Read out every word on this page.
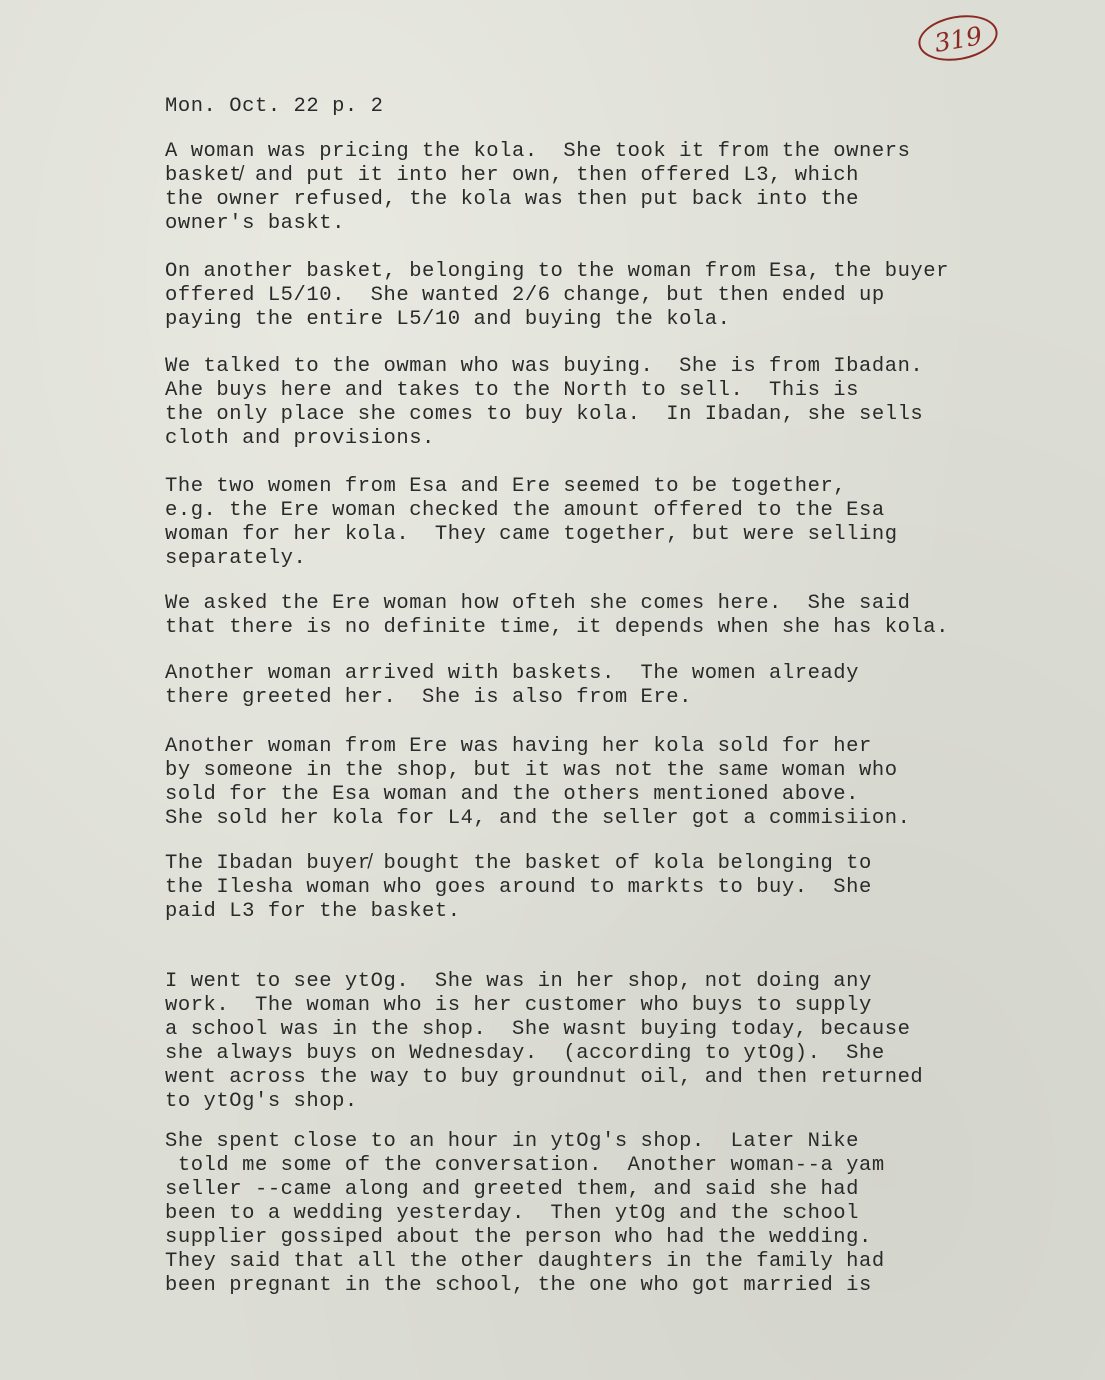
319
Mon. Oct. 22 p. 2
A woman was pricing the kola.  She took it from the owners
basket̸ and put it into her own, then offered L3, which
the owner refused, the kola was then put back into the
owner's baskt.
On another basket, belonging to the woman from Esa, the buyer
offered L5/10.  She wanted 2/6 change, but then ended up
paying the entire L5/10 and buying the kola.
We talked to the owman who was buying.  She is from Ibadan.
Ahe buys here and takes to the North to sell.  This is
the only place she comes to buy kola.  In Ibadan, she sells
cloth and provisions.
The two women from Esa and Ere seemed to be together,
e.g. the Ere woman checked the amount offered to the Esa
woman for her kola.  They came together, but were selling
separately.
We asked the Ere woman how ofteh she comes here.  She said
that there is no definite time, it depends when she has kola.
Another woman arrived with baskets.  The women already
there greeted her.  She is also from Ere.
Another woman from Ere was having her kola sold for her
by someone in the shop, but it was not the same woman who
sold for the Esa woman and the others mentioned above.
She sold her kola for L4, and the seller got a commisiion.
The Ibadan buyer̸ bought the basket of kola belonging to
the Ilesha woman who goes around to markts to buy.  She
paid L3 for the basket.
I went to see ytOg.  She was in her shop, not doing any
work.  The woman who is her customer who buys to supply
a school was in the shop.  She wasnt buying today, because
she always buys on Wednesday.  (according to ytOg).  She
went across the way to buy groundnut oil, and then returned
to ytOg's shop.
She spent close to an hour in ytOg's shop.  Later Nike
told me some of the conversation.  Another woman--a yam
seller --came along and greeted them, and said she had
been to a wedding yesterday.  Then ytOg and the school
supplier gossiped about the person who had the wedding.
They said that all the other daughters in the family had
been pregnant in the school, the one who got married is
